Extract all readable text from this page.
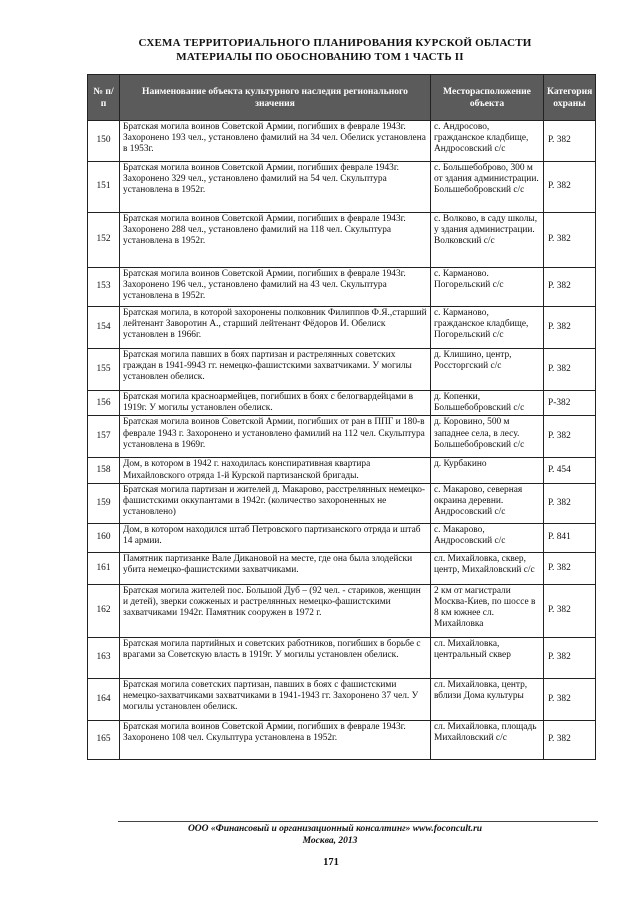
СХЕМА ТЕРРИТОРИАЛЬНОГО ПЛАНИРОВАНИЯ КУРСКОЙ ОБЛАСТИ
МАТЕРИАЛЫ ПО ОБОСНОВАНИЮ ТОМ 1 ЧАСТЬ II
№ п/п	Наименование объекта культурного наследия регионального значения	Месторасположение объекта	Категория охраны
150	Братская могила воинов Советской Армии, погибших в феврале 1943г. Захоронено 193 чел., установлено фамилий на 34 чел. Обелиск установлена в 1953г.	с. Андросово, гражданское кладбище, Андросовский с/с	Р. 382
151	Братская могила воинов Советской Армии, погибших феврале 1943г. Захоронено 329 чел., установлено фамилий на 54 чел. Скульптура установлена в 1952г.	с. Большебоброво, 300 м от здания администрации. Большебобровский с/с	Р. 382
152	Братская могила воинов Советской Армии, погибших в феврале 1943г. Захоронено 288 чел., установлено фамилий на 118 чел. Скульптура установлена в 1952г.	с. Волково, в саду школы, у здания администрации. Волковский с/с	Р. 382
153	Братская могила воинов Советской Армии, погибших в феврале 1943г. Захоронено 196 чел., установлено фамилий на 43 чел. Скульптура установлена в 1952г.	с. Карманово. Погорельский с/с	Р. 382
154	Братская могила, в которой захоронены полковник Филиппов Ф.Я.,старший лейтенант Заворотин А., старший лейтенант Фёдоров И. Обелиск установлен в 1966г.	с. Карманово, гражданское кладбище, Погорельский с/с	Р. 382
155	Братская могила павших в боях партизан и растрелянных советских граждан в 1941-9943 гг. немецко-фашистскими захватчиками. У могилы установлен обелиск.	д. Клишино, центр, Россторгский с/с	Р. 382
156	Братская могила красноармейцев, погибших в боях с белогвардейцами в 1919г. У могилы установлен обелиск.	д. Копенки, Большебобровский с/с	Р-382
157	Братская могила воинов Советской Армии, погибших от ран в ППГ и 180-в феврале 1943 г. Захоронено и установлено фамилий на 112 чел. Скульптура установлена в 1969г.	д. Коровино, 500 м западнее села, в лесу. Большебобровский с/с	Р. 382
158	Дом, в котором в 1942 г. находилась конспиративная квартира Михайловского отряда 1-й Курской партизанской бригады.	д. Курбакино	Р. 454
159	Братская могила партизан и жителей д. Макарово, расстрелянных немецко-фашистскими оккупантами в 1942г. (количество захороненных не установлено)	с. Макарово, северная окраина деревни. Андросовский с/с	Р. 382
160	Дом, в котором находился штаб Петровского партизанского отряда и штаб 14 армии.	с. Макарово, Андросовский с/с	Р. 841
161	Памятник партизанке Вале Дикановой на месте, где она была злодейски убита немецко-фашистскими захватчиками.	сл. Михайловка, сквер, центр, Михайловский с/с	Р. 382
162	Братская могила жителей пос. Большой Дуб – (92 чел. - стариков, женщин и детей), зверки сожженых и растрелянных немецко-фашистскими захватчиками 1942г. Памятник сооружен в 1972 г.	2 км от магистрали Москва-Киев, по шоссе в 8 км южнее сл. Михайловка	Р. 382
163	Братская могила партийных и советских работников, погибших в борьбе с врагами за Советскую власть в 1919г. У могилы установлен обелиск.	сл. Михайловка, центральный сквер	Р. 382
164	Братская могила советских партизан, павших в боях с фашистскими немецко-захватчиками захватчиками в 1941-1943 гг. Захоронено 37 чел. У могилы установлен обелиск.	сл. Михайловка, центр, вблизи Дома культуры	Р. 382
165	Братская могила воинов Советской Армии, погибших в феврале 1943г. Захоронено 108 чел. Скульптура установлена в 1952г.	сл. Михайловка, площадь Михайловский с/с	Р. 382
ООО «Финансовый и организационный консалтинг» www.foconcult.ru
Москва, 2013
171
